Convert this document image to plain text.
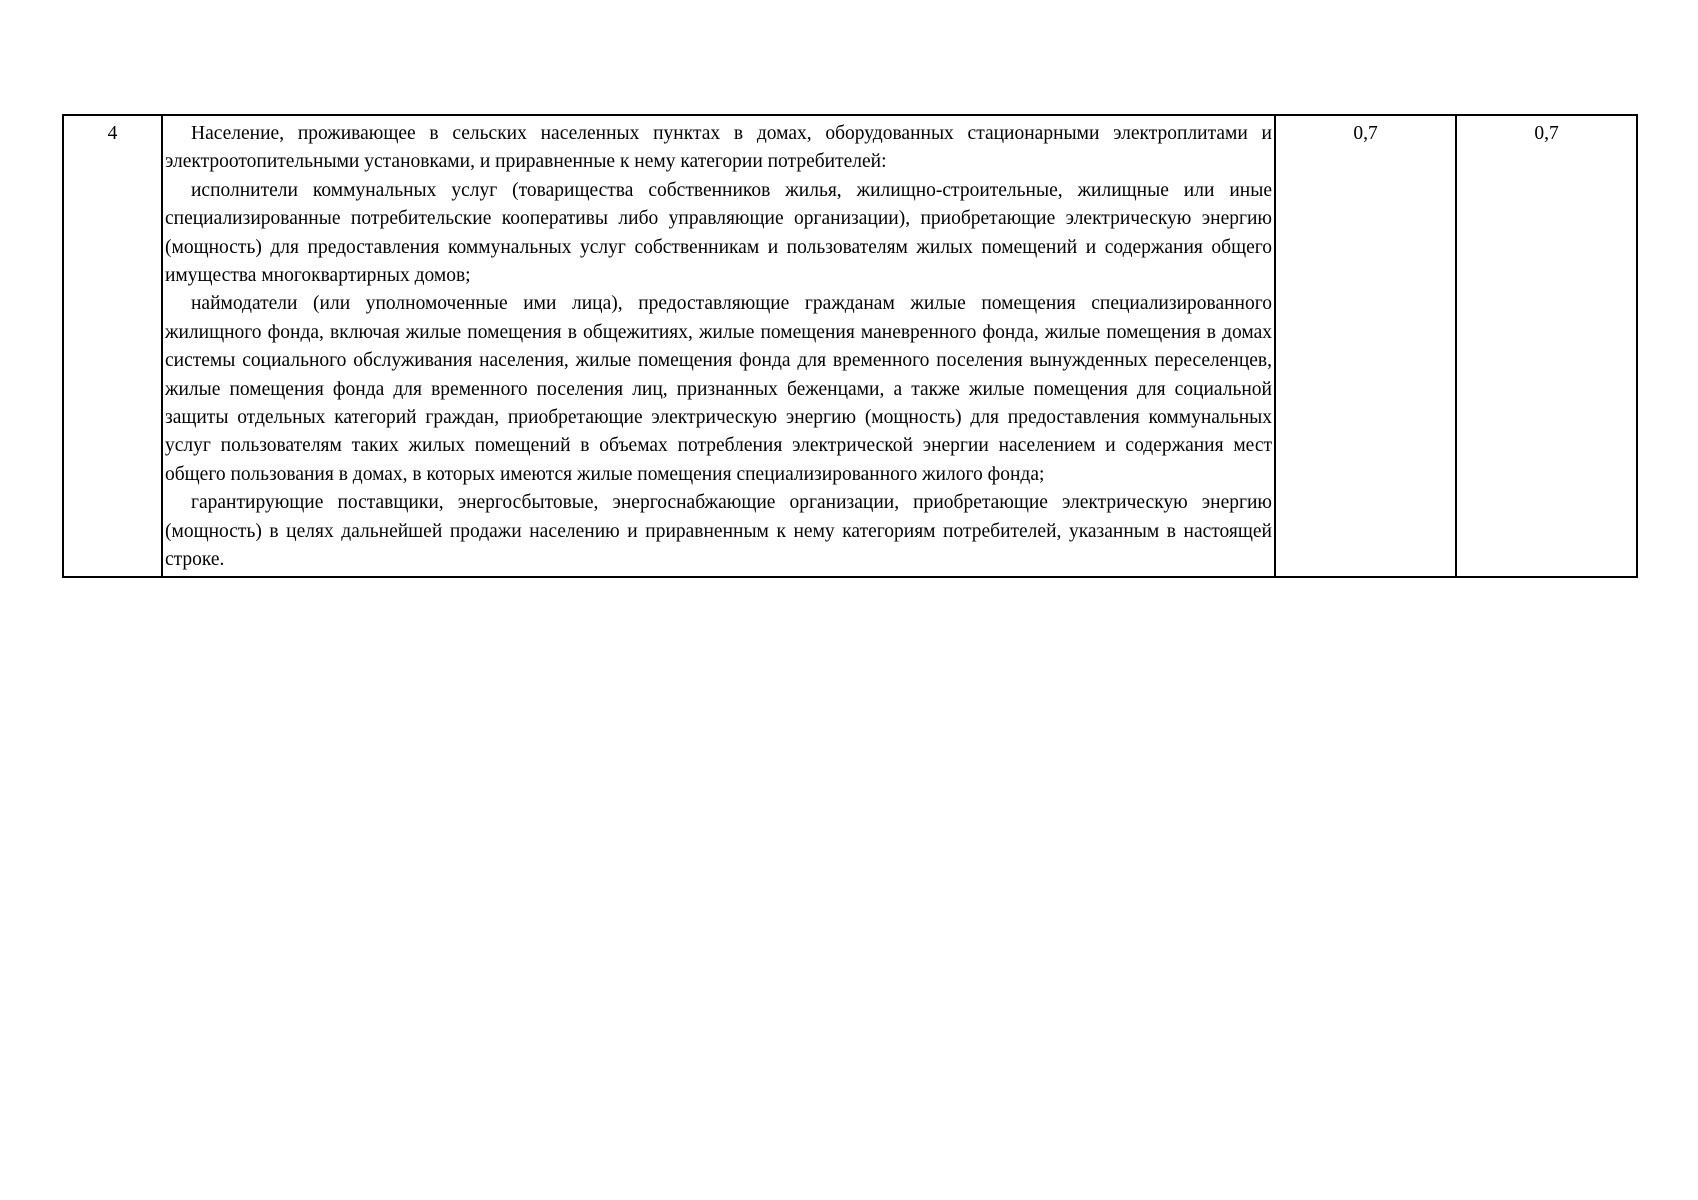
4	Население, проживающее в сельских населенных пунктах в домах, оборудованных стационарными электроплитами и электроотопительными установками, и приравненные к нему категории потребителей:

исполнители коммунальных услуг (товарищества собственников жилья, жилищно-строительные, жилищные или иные специализированные потребительские кооперативы либо управляющие организации), приобретающие электрическую энергию (мощность) для предоставления коммунальных услуг собственникам и пользователям жилых помещений и содержания общего имущества многоквартирных домов;

наймодатели (или уполномоченные ими лица), предоставляющие гражданам жилые помещения специализированного жилищного фонда, включая жилые помещения в общежитиях, жилые помещения маневренного фонда, жилые помещения в домах системы социального обслуживания населения, жилые помещения фонда для временного поселения вынужденных переселенцев, жилые помещения фонда для временного поселения лиц, признанных беженцами, а также жилые помещения для социальной защиты отдельных категорий граждан, приобретающие электрическую энергию (мощность) для предоставления коммунальных услуг пользователям таких жилых помещений в объемах потребления электрической энергии населением и содержания мест общего пользования в домах, в которых имеются жилые помещения специализированного жилого фонда;

гарантирующие поставщики, энергосбытовые, энергоснабжающие организации, приобретающие электрическую энергию (мощность) в целях дальнейшей продажи населению и приравненным к нему категориям потребителей, указанным в настоящей строке.

	0,7	0,7
